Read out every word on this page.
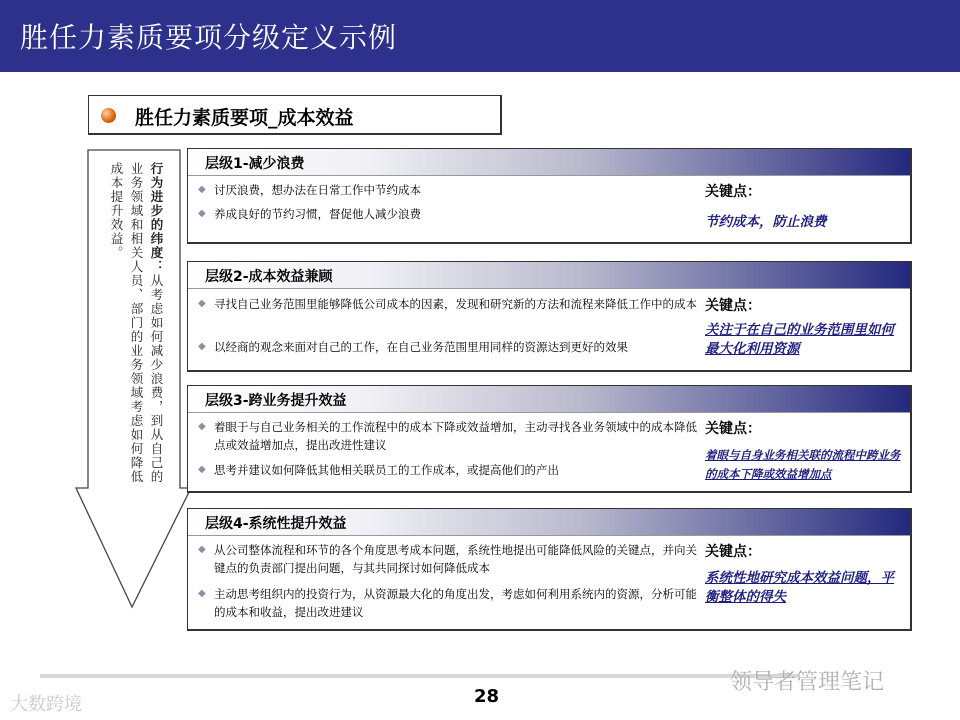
胜任力素质要项分级定义示例
胜任力素质要项_成本效益
行为进步的纬度：从考虑如何减少浪费，到从自己的
业务领域和相关人员、部门的业务领域考虑如何降低
成本提升效益。	层级1-减少浪费
◆ 讨厌浪费，想办法在日常工作中节约成本
◆ 养成良好的节约习惯，督促他人减少浪费
关键点：
节约成本，防止浪费
层级2-成本效益兼顾
◆ 寻找自己业务范围里能够降低公司成本的因素，发现和研究新的方法和流程来降低工作中的成本
◆ 以经商的观念来面对自己的工作，在自己业务范围里用同样的资源达到更好的效果
关键点：
关注于在自己的业务范围里如何最大化利用资源
层级3-跨业务提升效益
◆ 着眼于与自己业务相关的工作流程中的成本下降或效益增加，主动寻找各业务领域中的成本降低点或效益增加点，提出改进性建议
◆ 思考并建议如何降低其他相关联员工的工作成本，或提高他们的产出
关键点：
着眼与自身业务相关联的流程中跨业务的成本下降或效益增加点
层级4-系统性提升效益
◆ 从公司整体流程和环节的各个角度思考成本问题，系统性地提出可能降低风险的关键点，并向关键点的负责部门提出问题，与其共同探讨如何降低成本
◆ 主动思考组织内的投资行为，从资源最大化的角度出发，考虑如何利用系统内的资源，分析可能的成本和收益，提出改进建议
关键点：
系统性地研究成本效益问题，平衡整体的得失
28
大数跨境
领导者管理笔记
